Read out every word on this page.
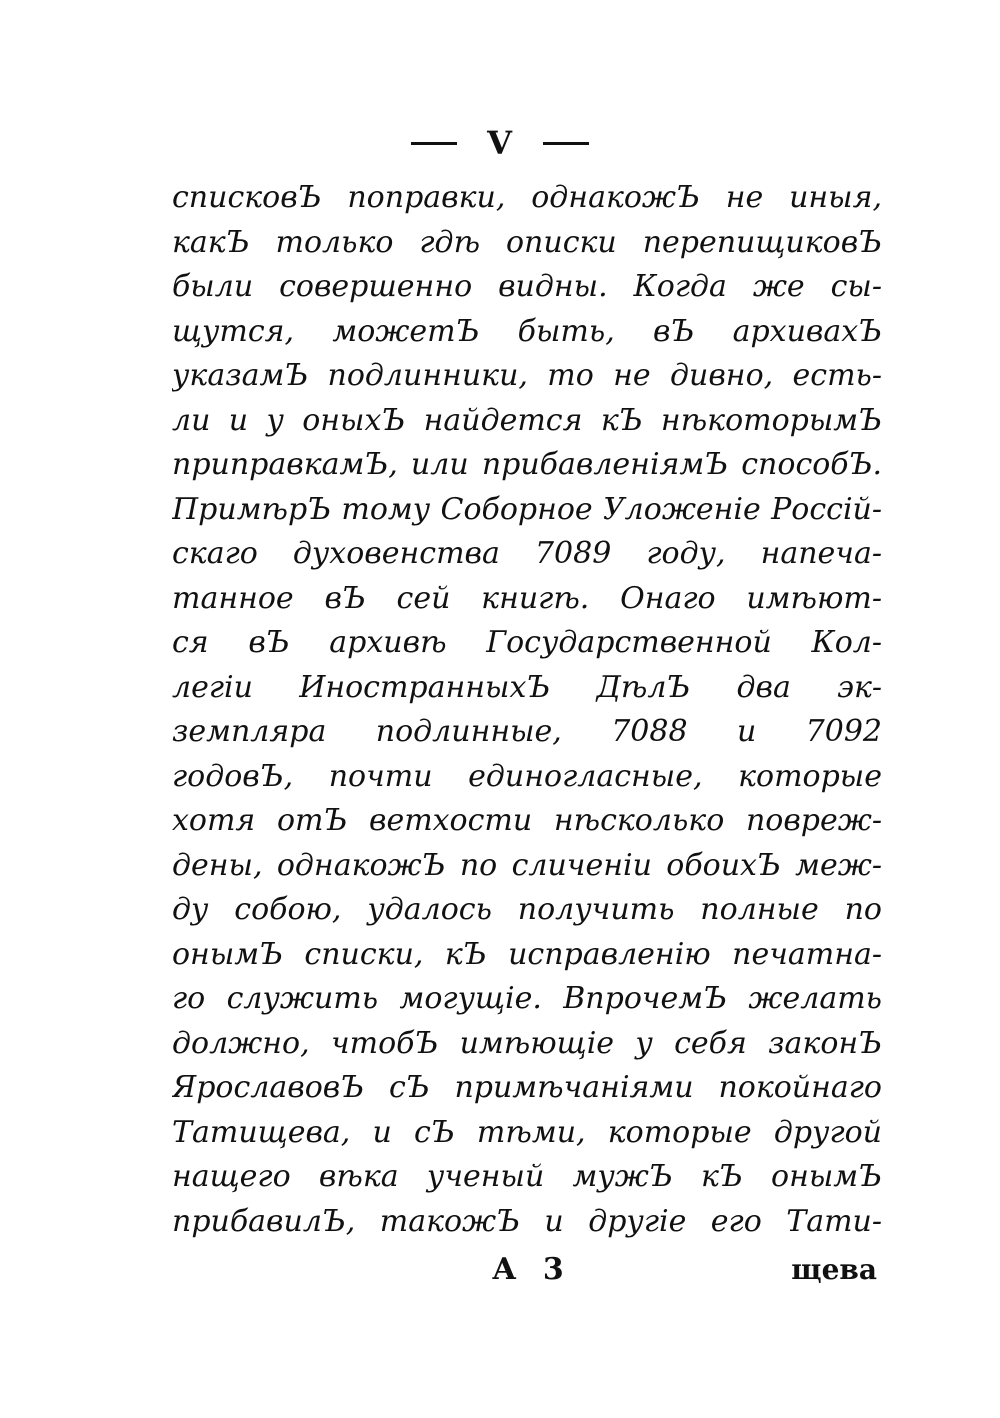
V
списковЪ поправки, однакожЪ не иныя,
какЪ только гдѣ описки перепищиковЪ
были совершенно видны. Когда же сы-
щутся, можетЪ быть, вЪ архивахЪ
указамЪ подлинники, то не дивно, есть-
ли и у оныхЪ найдется кЪ нѣкоторымЪ
приправкамЪ, или прибавленіямЪ способЪ.
ПримѣрЪ тому Соборное Уложеніе Россій-
скаго духовенства 7089 году, напеча-
танное вЪ сей книгѣ. Онаго имѣют-
ся вЪ архивѣ Государственной Кол-
легіи ИностранныхЪ ДѣлЪ два эк-
земпляра подлинные, 7088 и 7092
годовЪ, почти единогласные, которые
хотя отЪ ветхости нѣсколько повреж-
дены, однакожЪ по сличеніи обоихЪ меж-
ду собою, удалось получить полные по
онымЪ списки, кЪ исправленію печатна-
го служить могущіе. ВпрочемЪ желать
должно, чтобЪ имѣющіе у себя законЪ
ЯрославовЪ сЪ примѣчаніями покойнаго
Татищева, и сЪ тѣми, которые другой
нащего вѣка ученый мужЪ кЪ онымЪ
прибавилЪ, такожЪ и другіе его Тати-
А 3	щева
